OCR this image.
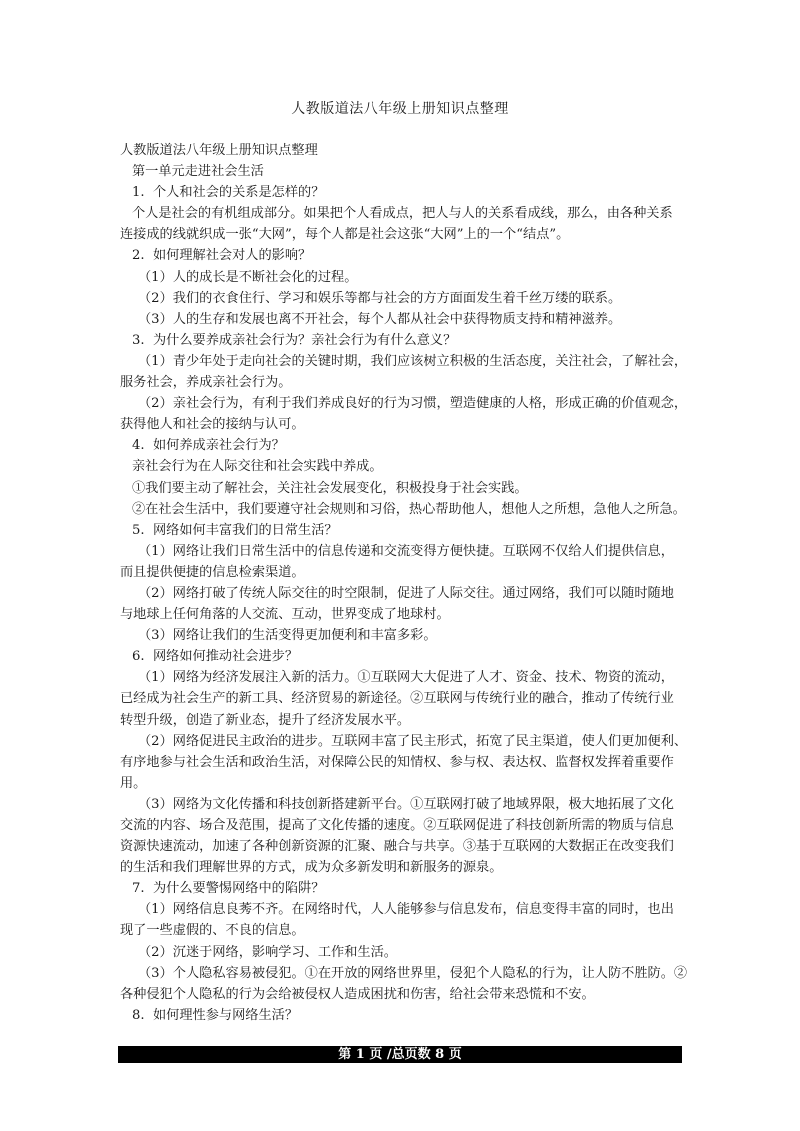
人教版道法八年级上册知识点整理

人教版道法八年级上册知识点整理

第一单元走进社会生活

1.  个人和社会的关系是怎样的？

个人是社会的有机组成部分。如果把个人看成点，把人与人的关系看成线，那么，由各种关系

连接成的线就织成一张“大网”，每个人都是社会这张“大网”上的一个“结点”。

2.  如何理解社会对人的影响？

（1）人的成长是不断社会化的过程。

（2）我们的衣食住行、学习和娱乐等都与社会的方方面面发生着千丝万缕的联系。

（3）人的生存和发展也离不开社会，每个人都从社会中获得物质支持和精神滋养。

3.  为什么要养成亲社会行为？亲社会行为有什么意义？

（1）青少年处于走向社会的关键时期，我们应该树立积极的生活态度，关注社会，了解社会，

服务社会，养成亲社会行为。

（2）亲社会行为，有利于我们养成良好的行为习惯，塑造健康的人格，形成正确的价值观念，

获得他人和社会的接纳与认可。

4.  如何养成亲社会行为？

亲社会行为在人际交往和社会实践中养成。

①我们要主动了解社会，关注社会发展变化，积极投身于社会实践。

②在社会生活中，我们要遵守社会规则和习俗，热心帮助他人，想他人之所想，急他人之所急。

5.  网络如何丰富我们的日常生活？

（1）网络让我们日常生活中的信息传递和交流变得方便快捷。互联网不仅给人们提供信息，

而且提供便捷的信息检索渠道。

（2）网络打破了传统人际交往的时空限制，促进了人际交往。通过网络，我们可以随时随地

与地球上任何角落的人交流、互动，世界变成了地球村。

（3）网络让我们的生活变得更加便利和丰富多彩。

6.  网络如何推动社会进步？

（1）网络为经济发展注入新的活力。①互联网大大促进了人才、资金、技术、物资的流动，

已经成为社会生产的新工具、经济贸易的新途径。②互联网与传统行业的融合，推动了传统行业

转型升级，创造了新业态，提升了经济发展水平。

（2）网络促进民主政治的进步。互联网丰富了民主形式，拓宽了民主渠道，使人们更加便利、

有序地参与社会生活和政治生活，对保障公民的知情权、参与权、表达权、监督权发挥着重要作

用。

（3）网络为文化传播和科技创新搭建新平台。①互联网打破了地域界限，极大地拓展了文化

交流的内容、场合及范围，提高了文化传播的速度。②互联网促进了科技创新所需的物质与信息

资源快速流动，加速了各种创新资源的汇聚、融合与共享。③基于互联网的大数据正在改变我们

的生活和我们理解世界的方式，成为众多新发明和新服务的源泉。

7.  为什么要警惕网络中的陷阱？

（1）网络信息良莠不齐。在网络时代，人人能够参与信息发布，信息变得丰富的同时，也出

现了一些虚假的、不良的信息。

（2）沉迷于网络，影响学习、工作和生活。

（3）个人隐私容易被侵犯。①在开放的网络世界里，侵犯个人隐私的行为，让人防不胜防。②

各种侵犯个人隐私的行为会给被侵权人造成困扰和伤害，给社会带来恐慌和不安。

8.  如何理性参与网络生活？

第 1 页 /总页数 8 页
